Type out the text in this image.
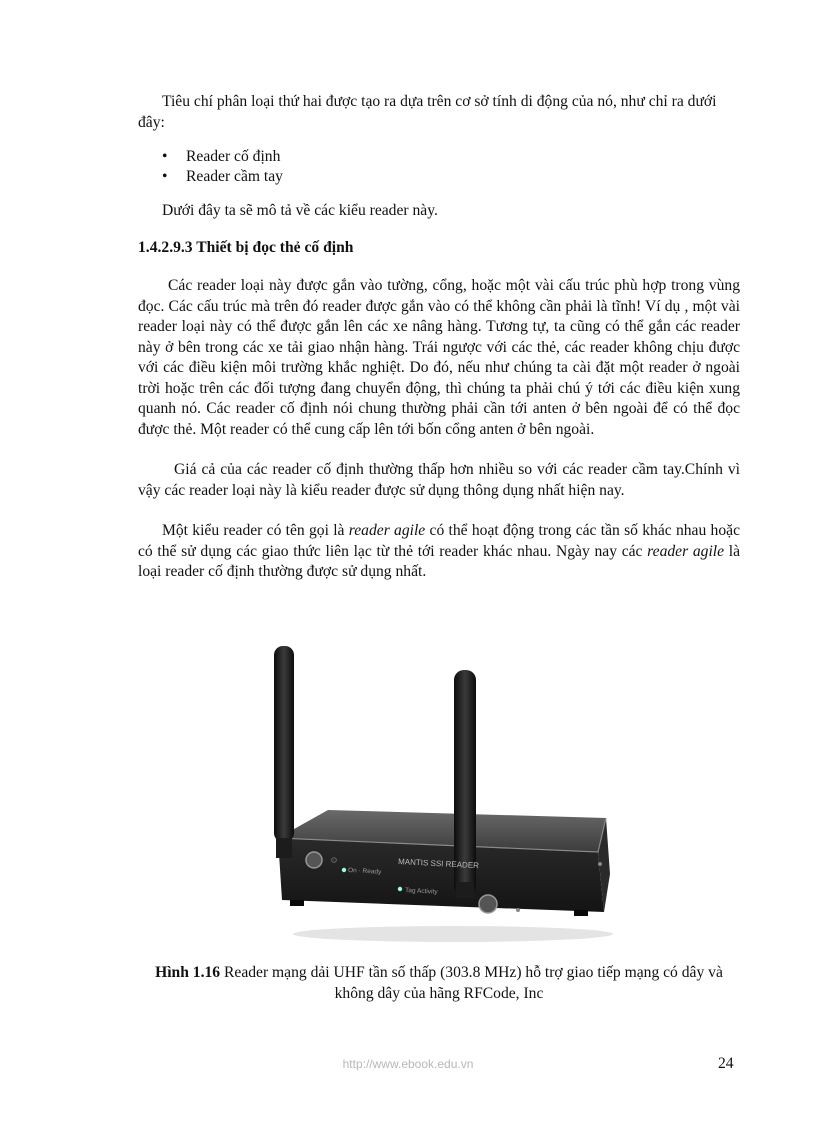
Tiêu chí phân loại thứ hai được tạo ra dựa trên cơ sở tính di động của nó, như chỉ ra dưới đây:

• Reader cố định
• Reader cầm tay

Dưới đây ta sẽ mô tả về các kiểu reader này.

1.4.2.9.3 Thiết bị đọc thẻ cố định

Các reader loại này được gắn vào tường, cổng, hoặc một vài cấu trúc phù hợp trong vùng đọc. Các cấu trúc mà trên đó reader được gắn vào có thể không cần phải là tĩnh! Ví dụ , một vài reader loại này có thể được gắn lên các xe nâng hàng. Tương tự, ta cũng có thể gắn các reader này ở bên trong các xe tải giao nhận hàng. Trái ngược với các thẻ, các reader không chịu được với các điều kiện môi trường khắc nghiệt. Do đó, nếu như chúng ta cài đặt một reader ở ngoài trời hoặc trên các đối tượng đang chuyển động, thì chúng ta phải chú ý tới các điều kiện xung quanh nó. Các reader cố định nói chung thường phải cần tới anten ở bên ngoài để có thể đọc được thẻ. Một reader có thể cung cấp lên tới bốn cổng anten ở bên ngoài.

Giá cả của các reader cố định thường thấp hơn nhiều so với các reader cầm tay.Chính vì vậy các reader loại này là kiểu reader được sử dụng thông dụng nhất hiện nay.

Một kiểu reader có tên gọi là reader agile có thể hoạt động trong các tần số khác nhau hoặc có thể sử dụng các giao thức liên lạc từ thẻ tới reader khác nhau. Ngày nay các reader agile là loại reader cố định thường được sử dụng nhất.

MANTIS SSI READER
On · Ready
Tag Activity
Hình 1.16 Reader mạng dải UHF tần số thấp (303.8 MHz) hỗ trợ giao tiếp mạng có dây và không dây của hãng RFCode, Inc
http://www.ebook.edu.vn	24
